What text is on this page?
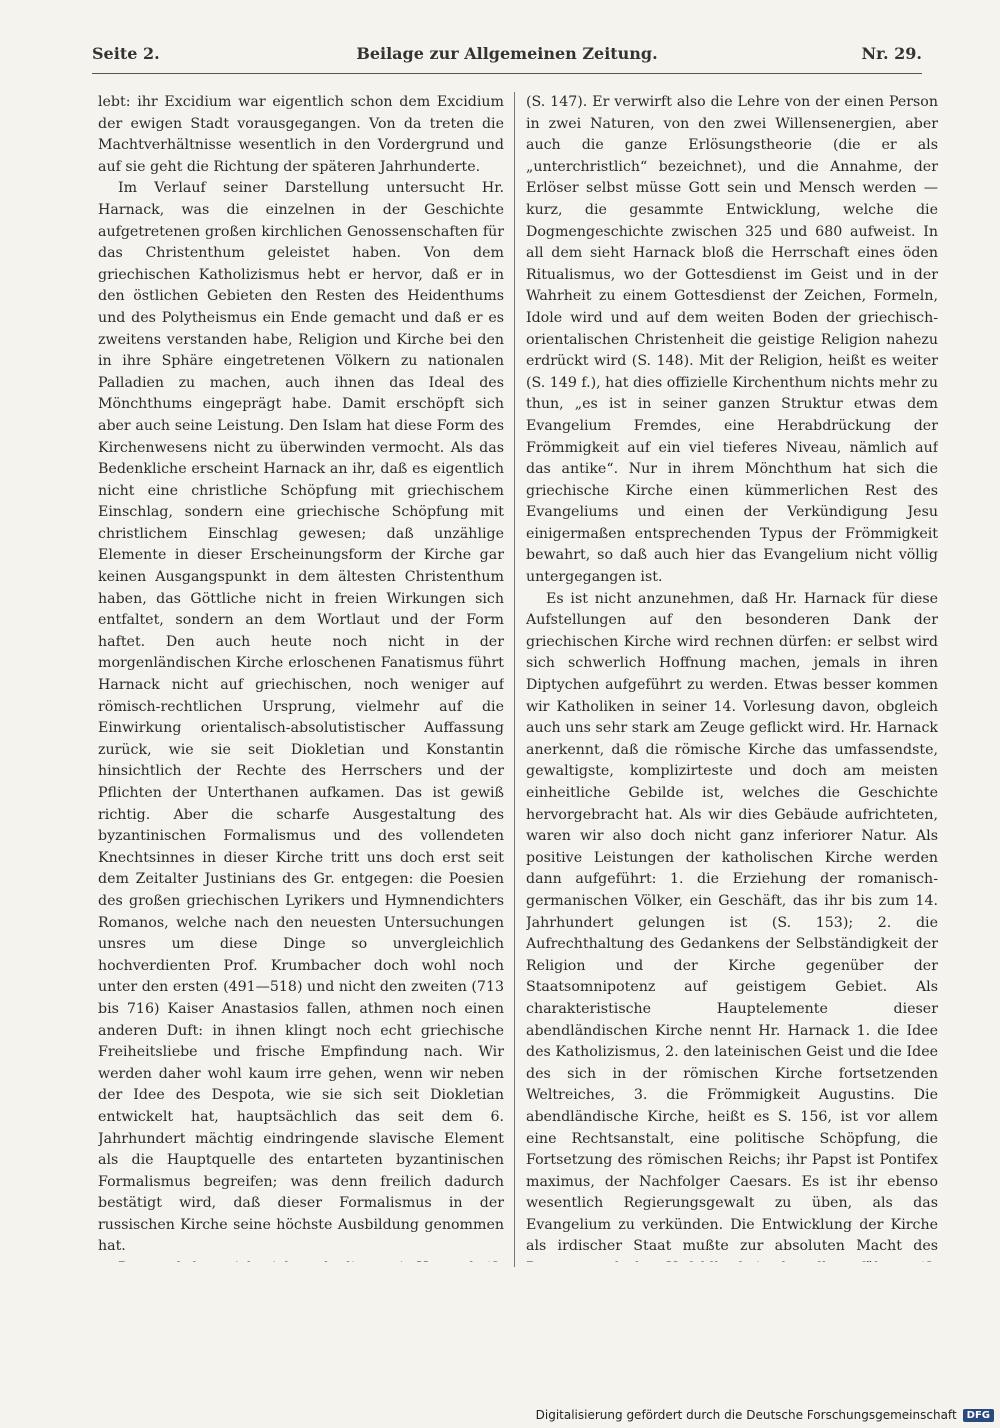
Seite 2.	Beilage zur Allgemeinen Zeitung.	Nr. 29.

lebt: ihr Excidium war eigentlich schon dem Excidium der ewigen Stadt vorausgegangen. Von da treten die Machtverhältnisse wesentlich in den Vordergrund und auf sie geht die Richtung der späteren Jahrhunderte.

Im Verlauf seiner Darstellung untersucht Hr. Harnack, was die einzelnen in der Geschichte aufgetretenen großen kirchlichen Genossenschaften für das Christenthum geleistet haben. Von dem griechischen Katholizismus hebt er hervor, daß er in den östlichen Gebieten den Resten des Heidenthums und des Polytheismus ein Ende gemacht und daß er es zweitens verstanden habe, Religion und Kirche bei den in ihre Sphäre eingetretenen Völkern zu nationalen Palladien zu machen, auch ihnen das Ideal des Mönchthums eingeprägt habe. Damit erschöpft sich aber auch seine Leistung. Den Islam hat diese Form des Kirchenwesens nicht zu überwinden vermocht. Als das Bedenkliche erscheint Harnack an ihr, daß es eigentlich nicht eine christliche Schöpfung mit griechischem Einschlag, sondern eine griechische Schöpfung mit christlichem Einschlag gewesen; daß unzählige Elemente in dieser Erscheinungsform der Kirche gar keinen Ausgangspunkt in dem ältesten Christenthum haben, das Göttliche nicht in freien Wirkungen sich entfaltet, sondern an dem Wortlaut und der Form haftet. Den auch heute noch nicht in der morgenländischen Kirche erloschenen Fanatismus führt Harnack nicht auf griechischen, noch weniger auf römisch-rechtlichen Ursprung, vielmehr auf die Einwirkung orientalisch-absolutistischer Auffassung zurück, wie sie seit Diokletian und Konstantin hinsichtlich der Rechte des Herrschers und der Pflichten der Unterthanen aufkamen. Das ist gewiß richtig. Aber die scharfe Ausgestaltung des byzantinischen Formalismus und des vollendeten Knechtsinnes in dieser Kirche tritt uns doch erst seit dem Zeitalter Justinians des Gr. entgegen: die Poesien des großen griechischen Lyrikers und Hymnendichters Romanos, welche nach den neuesten Untersuchungen unsres um diese Dinge so unvergleichlich hochverdienten Prof. Krumbacher doch wohl noch unter den ersten (491—518) und nicht den zweiten (713 bis 716) Kaiser Anastasios fallen, athmen noch einen anderen Duft: in ihnen klingt noch echt griechische Freiheitsliebe und frische Empfindung nach. Wir werden daher wohl kaum irre gehen, wenn wir neben der Idee des Despota, wie sie sich seit Diokletian entwickelt hat, hauptsächlich das seit dem 6. Jahrhundert mächtig eindringende slavische Element als die Hauptquelle des entarteten byzantinischen Formalismus begreifen; was denn freilich dadurch bestätigt wird, daß dieser Formalismus in der russischen Kirche seine höchste Ausbildung genommen hat.

(S. 147). Er verwirft also die Lehre von der einen Person in zwei Naturen, von den zwei Willensenergien, aber auch die ganze Erlösungstheorie (die er als „unterchristlich“ bezeichnet), und die Annahme, der Erlöser selbst müsse Gott sein und Mensch werden — kurz, die gesammte Entwicklung, welche die Dogmengeschichte zwischen 325 und 680 aufweist. In all dem sieht Harnack bloß die Herrschaft eines öden Ritualismus, wo der Gottesdienst im Geist und in der Wahrheit zu einem Gottesdienst der Zeichen, Formeln, Idole wird und auf dem weiten Boden der griechisch-orientalischen Christenheit die geistige Religion nahezu erdrückt wird (S. 148). Mit der Religion, heißt es weiter (S. 149 f.), hat dies offizielle Kirchenthum nichts mehr zu thun, „es ist in seiner ganzen Struktur etwas dem Evangelium Fremdes, eine Herabdrückung der Frömmigkeit auf ein viel tieferes Niveau, nämlich auf das antike“. Nur in ihrem Mönchthum hat sich die griechische Kirche einen kümmerlichen Rest des Evangeliums und einen der Verkündigung Jesu einigermaßen entsprechenden Typus der Frömmigkeit bewahrt, so daß auch hier das Evangelium nicht völlig untergegangen ist.

Es ist nicht anzunehmen, daß Hr. Harnack für diese Aufstellungen auf den besonderen Dank der griechischen Kirche wird rechnen dürfen: er selbst wird sich schwerlich Hoffnung machen, jemals in ihren Diptychen aufgeführt zu werden. Etwas besser kommen wir Katholiken in seiner 14. Vorlesung davon, obgleich auch uns sehr stark am Zeuge geflickt wird. Hr. Harnack anerkennt, daß die römische Kirche das umfassendste, gewaltigste, komplizirteste und doch am meisten einheitliche Gebilde ist, welches die Geschichte hervorgebracht hat. Als wir dies Gebäude aufrichteten, waren wir also doch nicht ganz inferiorer Natur. Als positive Leistungen der katholischen Kirche werden dann aufgeführt: 1. die Erziehung der romanisch-germanischen Völker, ein Geschäft, das ihr bis zum 14. Jahrhundert gelungen ist (S. 153); 2. die Aufrechthaltung des Gedankens der Selbständigkeit der Religion und der Kirche gegenüber der Staatsomnipotenz auf geistigem Gebiet. Als charakteristische Hauptelemente dieser abendländischen Kirche nennt Hr. Harnack 1. die Idee des Katholizismus, 2. den lateinischen Geist und die Idee des sich in der römischen Kirche fortsetzenden Weltreiches, 3. die Frömmigkeit Augustins. Die abendländische Kirche, heißt es S. 156, ist vor allem eine Rechtsanstalt, eine politische Schöpfung, die Fortsetzung des römischen Reichs; ihr Papst ist Pontifex maximus, der Nachfolger Caesars. Es ist ihr ebenso wesentlich Regierungsgewalt zu üben, als das Evangelium zu verkünden. Die Entwicklung der Kirche als irdischer Staat mußte zur absoluten Macht des

Digitalisierung gefördert durch die Deutsche Forschungsgemeinschaft	DFG
